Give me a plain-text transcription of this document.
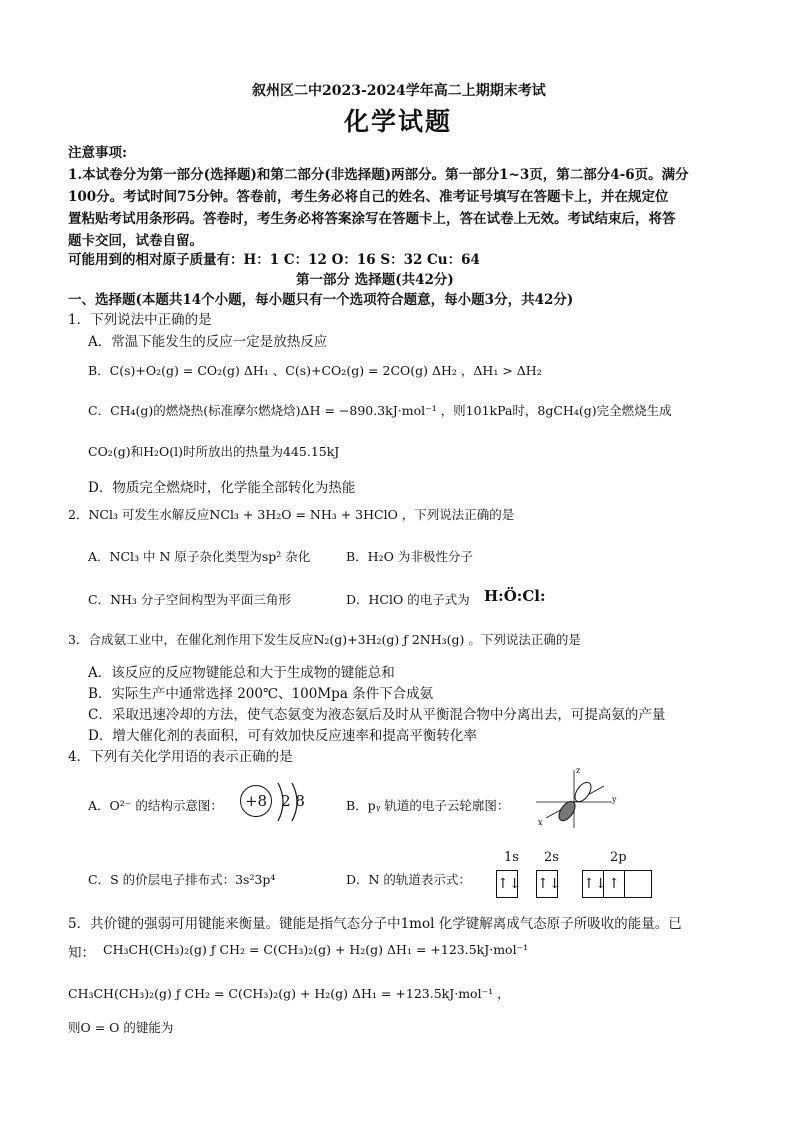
叙州区二中2023-2024学年高二上期期末考试
化学试题
注意事项:
1.本试卷分为第一部分(选择题)和第二部分(非选择题)两部分。第一部分1~3页，第二部分4-6页。满分
100分。考试时间75分钟。答卷前，考生务必将自己的姓名、准考证号填写在答题卡上，并在规定位
置粘贴考试用条形码。答卷时，考生务必将答案涂写在答题卡上，答在试卷上无效。考试结束后，将答
题卡交回，试卷自留。
可能用到的相对原子质量有：H：1 C：12 O：16 S：32 Cu：64
第一部分 选择题(共42分)
一、选择题(本题共14个小题，每小题只有一个选项符合题意，每小题3分，共42分)
1．下列说法中正确的是
A．常温下能发生的反应一定是放热反应
B．C(s)+O₂(g) = CO₂(g) ΔH₁ 、C(s)+CO₂(g) = 2CO(g) ΔH₂ ，ΔH₁ > ΔH₂
C．CH₄(g)的燃烧热(标准摩尔燃烧焓)ΔH = −890.3kJ·mol⁻¹ ，则101kPa时，8gCH₄(g)完全燃烧生成
CO₂(g)和H₂O(l)时所放出的热量为445.15kJ
D．物质完全燃烧时，化学能全部转化为热能
2．NCl₃ 可发生水解反应NCl₃ + 3H₂O = NH₃ + 3HClO ，下列说法正确的是
A．NCl₃ 中 N 原子杂化类型为sp² 杂化	B．H₂O 为非极性分子
C．NH₃ 分子空间构型为平面三角形	D．HClO 的电子式为 H:Ö:Cl:
3．合成氨工业中，在催化剂作用下发生反应N₂(g)+3H₂(g) ƒ 2NH₃(g) 。下列说法正确的是
A．该反应的反应物键能总和大于生成物的键能总和
B．实际生产中通常选择 200℃、100Mpa 条件下合成氨
C．采取迅速冷却的方法，使气态氨变为液态氨后及时从平衡混合物中分离出去，可提高氨的产量
D．增大催化剂的表面积，可有效加快反应速率和提高平衡转化率
4．下列有关化学用语的表示正确的是
A．O²⁻ 的结构示意图：	+8 2 8	B．pᵧ 轨道的电子云轮廓图：
z
y
x
C．S 的价层电子排布式：3s²3p⁴	D．N 的轨道表示式：
1s 2s	2p
↑↓ ↑↓ ↑↓ ↑
5．共价键的强弱可用键能来衡量。键能是指气态分子中1mol 化学键解离成气态原子所吸收的能量。已
知： CH₃CH(CH₃)₂(g) ƒ CH₂ = C(CH₃)₂(g) + H₂(g) ΔH₁ = +123.5kJ·mol⁻¹
CH₃CH(CH₃)₂(g) ƒ CH₂ = C(CH₃)₂(g) + H₂(g) ΔH₁ = +123.5kJ·mol⁻¹ ，
则O = O 的键能为
